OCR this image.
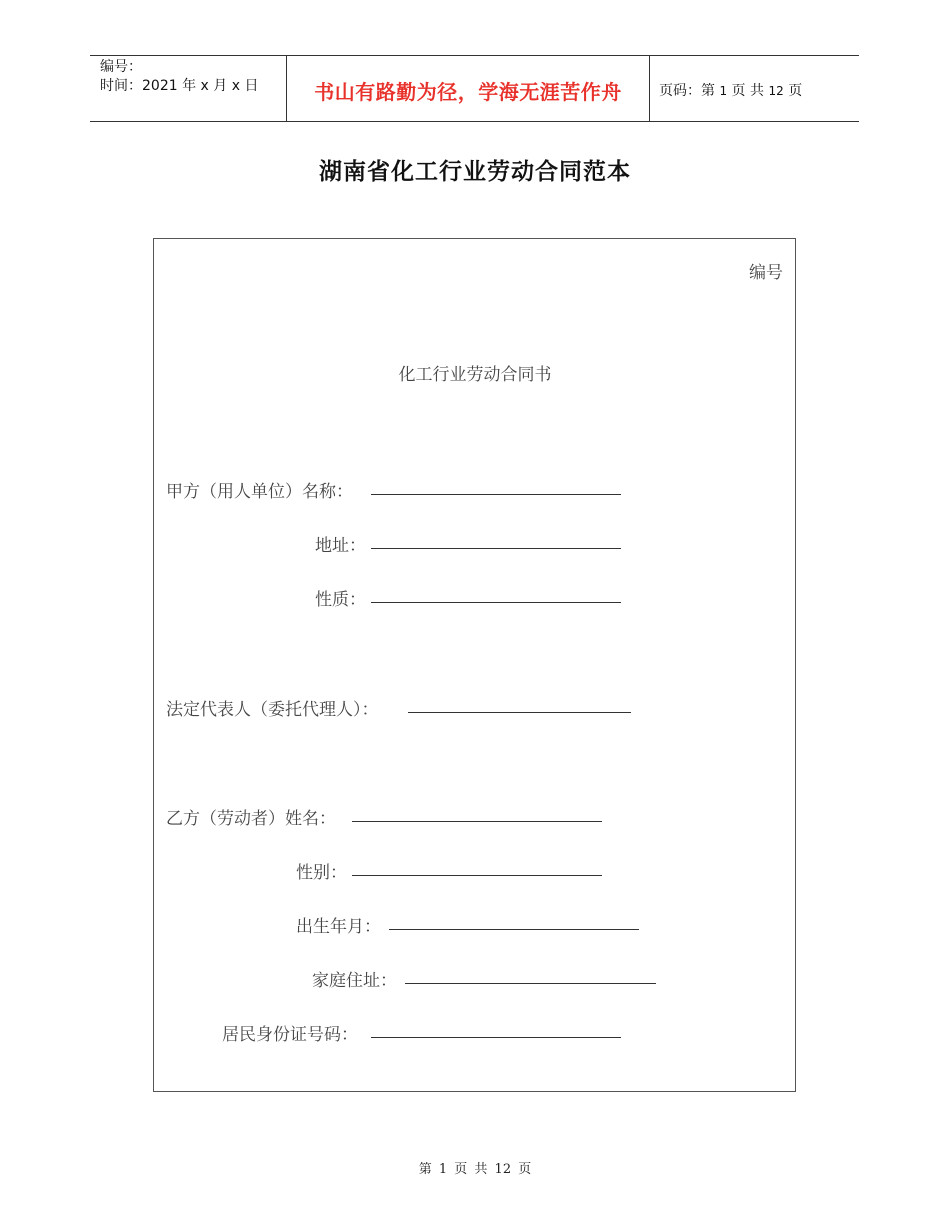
编号：
时间：2021 年 x 月 x 日	书山有路勤为径，学海无涯苦作舟	页码：第 1 页 共 12 页
湖南省化工行业劳动合同范本
编号
化工行业劳动合同书
甲方（用人单位）名称：
地址：
性质：
法定代表人（委托代理人）：
乙方（劳动者）姓名：
性别：
出生年月：
家庭住址：
居民身份证号码：
第 1 页 共 12 页
